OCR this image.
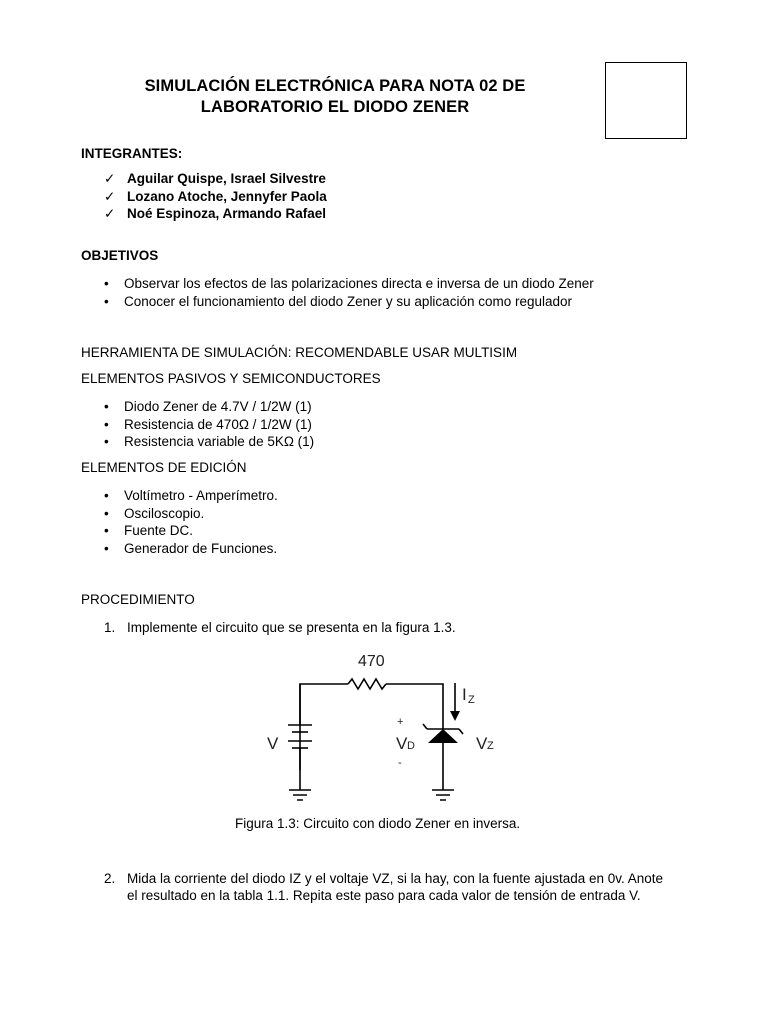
SIMULACIÓN ELECTRÓNICA PARA NOTA 02 DE
LABORATORIO EL DIODO ZENER
INTEGRANTES:
✓ Aguilar Quispe, Israel Silvestre
✓ Lozano Atoche, Jennyfer Paola
✓ Noé Espinoza, Armando Rafael
OBJETIVOS
•	Observar los efectos de las polarizaciones directa e inversa de un diodo Zener
•	Conocer el funcionamiento del diodo Zener y su aplicación como regulador
HERRAMIENTA DE SIMULACIÓN: RECOMENDABLE USAR MULTISIM
ELEMENTOS PASIVOS Y SEMICONDUCTORES
•	Diodo Zener de 4.7V / 1/2W (1)
•	Resistencia de 470Ω / 1/2W (1)
•	Resistencia variable de 5KΩ (1)
ELEMENTOS DE EDICIÓN
•	Voltímetro - Amperímetro.
•	Osciloscopio.
•	Fuente DC.
•	Generador de Funciones.
PROCEDIMIENTO
1. Implemente el circuito que se presenta en la figura 1.3.
470
V
I Z
+
V D
-
V Z
Figura 1.3: Circuito con diodo Zener en inversa.
2. Mida la corriente del diodo IZ y el voltaje VZ, si la hay, con la fuente ajustada en 0v. Anote
el resultado en la tabla 1.1. Repita este paso para cada valor de tensión de entrada V.
